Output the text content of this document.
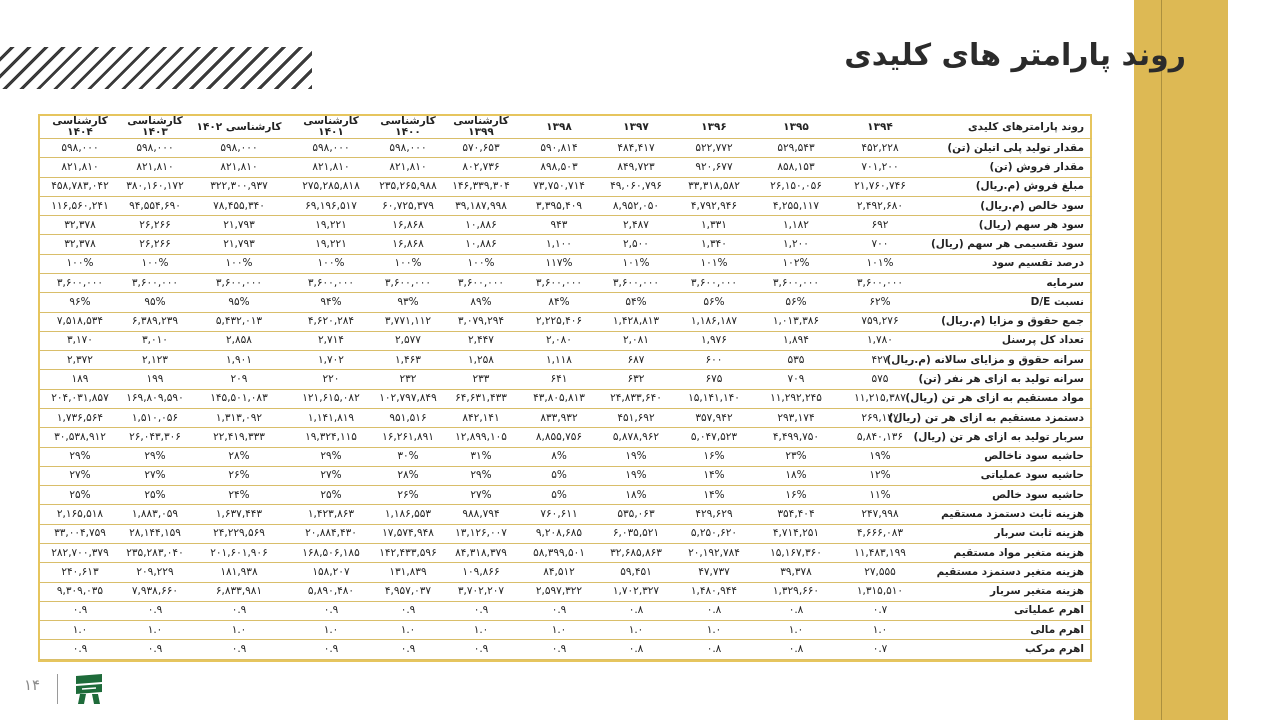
روند پارامتر های کلیدی
روند پارامترهای کلیدی	۱۳۹۴	۱۳۹۵	۱۳۹۶	۱۳۹۷	۱۳۹۸	کارشناسی ۱۳۹۹	کارشناسی ۱۴۰۰	کارشناسی ۱۴۰۱	کارشناسی ۱۴۰۲	کارشناسی ۱۴۰۳	کارشناسی ۱۴۰۴
مقدار تولید پلی اتیلن (تن)	۴۵۲,۲۲۸	۵۲۹,۵۴۳	۵۲۲,۷۷۲	۴۸۴,۴۱۷	۵۹۰,۸۱۴	۵۷۰,۶۵۳	۵۹۸,۰۰۰	۵۹۸,۰۰۰	۵۹۸,۰۰۰	۵۹۸,۰۰۰	۵۹۸,۰۰۰
مقدار فروش (تن)	۷۰۱,۲۰۰	۸۵۸,۱۵۳	۹۲۰,۶۷۷	۸۴۹,۷۲۳	۸۹۸,۵۰۳	۸۰۲,۷۳۶	۸۲۱,۸۱۰	۸۲۱,۸۱۰	۸۲۱,۸۱۰	۸۲۱,۸۱۰	۸۲۱,۸۱۰
مبلغ فروش (م.ریال)	۲۱,۷۶۰,۷۴۶	۲۶,۱۵۰,۰۵۶	۳۳,۳۱۸,۵۸۲	۴۹,۰۶۰,۷۹۶	۷۳,۷۵۰,۷۱۴	۱۴۶,۳۳۹,۳۰۴	۲۳۵,۲۶۵,۹۸۸	۲۷۵,۲۸۵,۸۱۸	۳۲۲,۳۰۰,۹۳۷	۳۸۰,۱۶۰,۱۷۲	۴۵۸,۷۸۳,۰۴۲
سود خالص (م.ریال)	۲,۴۹۲,۶۸۰	۴,۲۵۵,۱۱۷	۴,۷۹۲,۹۴۶	۸,۹۵۲,۰۵۰	۳,۳۹۵,۴۰۹	۳۹,۱۸۷,۹۹۸	۶۰,۷۲۵,۳۷۹	۶۹,۱۹۶,۵۱۷	۷۸,۴۵۵,۳۴۰	۹۴,۵۵۴,۶۹۰	۱۱۶,۵۶۰,۲۴۱
سود هر سهم (ریال)	۶۹۲	۱,۱۸۲	۱,۳۳۱	۲,۴۸۷	۹۴۳	۱۰,۸۸۶	۱۶,۸۶۸	۱۹,۲۲۱	۲۱,۷۹۳	۲۶,۲۶۶	۳۲,۳۷۸
سود تقسیمی هر سهم (ریال)	۷۰۰	۱,۲۰۰	۱,۳۴۰	۲,۵۰۰	۱,۱۰۰	۱۰,۸۸۶	۱۶,۸۶۸	۱۹,۲۲۱	۲۱,۷۹۳	۲۶,۲۶۶	۳۲,۳۷۸
درصد تقسیم سود	۱۰۱%	۱۰۲%	۱۰۱%	۱۰۱%	۱۱۷%	۱۰۰%	۱۰۰%	۱۰۰%	۱۰۰%	۱۰۰%	۱۰۰%
سرمایه	۳,۶۰۰,۰۰۰	۳,۶۰۰,۰۰۰	۳,۶۰۰,۰۰۰	۳,۶۰۰,۰۰۰	۳,۶۰۰,۰۰۰	۳,۶۰۰,۰۰۰	۳,۶۰۰,۰۰۰	۳,۶۰۰,۰۰۰	۳,۶۰۰,۰۰۰	۳,۶۰۰,۰۰۰	۳,۶۰۰,۰۰۰
نسبت D/E	۶۲%	۵۶%	۵۶%	۵۴%	۸۴%	۸۹%	۹۳%	۹۴%	۹۵%	۹۵%	۹۶%
جمع حقوق و مزایا (م.ریال)	۷۵۹,۲۷۶	۱,۰۱۳,۳۸۶	۱,۱۸۶,۱۸۷	۱,۴۲۸,۸۱۳	۲,۲۲۵,۴۰۶	۳,۰۷۹,۲۹۴	۳,۷۷۱,۱۱۲	۴,۶۲۰,۲۸۴	۵,۴۳۲,۰۱۳	۶,۳۸۹,۲۳۹	۷,۵۱۸,۵۳۴
تعداد کل پرسنل	۱,۷۸۰	۱,۸۹۴	۱,۹۷۶	۲,۰۸۱	۲,۰۸۰	۲,۴۴۷	۲,۵۷۷	۲,۷۱۴	۲,۸۵۸	۳,۰۱۰	۳,۱۷۰
سرانه حقوق و مزایای سالانه (م.ریال)	۴۲۷	۵۳۵	۶۰۰	۶۸۷	۱,۱۱۸	۱,۲۵۸	۱,۴۶۳	۱,۷۰۲	۱,۹۰۱	۲,۱۲۳	۲,۳۷۲
سرانه تولید به ازای هر نفر (تن)	۵۷۵	۷۰۹	۶۷۵	۶۳۲	۶۴۱	۲۳۳	۲۳۲	۲۲۰	۲۰۹	۱۹۹	۱۸۹
مواد مستقیم به ازای هر تن (ریال)	۱۱,۲۱۵,۳۸۷	۱۱,۲۹۲,۲۴۵	۱۵,۱۴۱,۱۴۰	۲۴,۸۳۳,۶۴۰	۴۳,۸۰۵,۸۱۳	۶۴,۶۳۱,۴۳۳	۱۰۲,۷۹۷,۸۴۹	۱۲۱,۶۱۵,۰۸۲	۱۴۵,۵۰۱,۰۸۳	۱۶۹,۸۰۹,۵۹۰	۲۰۴,۰۳۱,۸۵۷
دستمزد مستقیم به ازای هر تن (ریال)	۲۶۹,۱۲۷	۲۹۳,۱۷۴	۳۵۷,۹۴۲	۴۵۱,۶۹۲	۸۳۳,۹۳۲	۸۴۲,۱۴۱	۹۵۱,۵۱۶	۱,۱۴۱,۸۱۹	۱,۳۱۳,۰۹۲	۱,۵۱۰,۰۵۶	۱,۷۳۶,۵۶۴
سربار تولید به ازای هر تن (ریال)	۵,۸۴۰,۱۳۶	۴,۴۹۹,۷۵۰	۵,۰۴۷,۵۲۳	۵,۸۷۸,۹۶۲	۸,۸۵۵,۷۵۶	۱۲,۸۹۹,۱۰۵	۱۶,۲۶۱,۸۹۱	۱۹,۳۲۴,۱۱۵	۲۲,۴۱۹,۳۳۳	۲۶,۰۴۳,۳۰۶	۳۰,۵۳۸,۹۱۲
حاشیه سود ناخالص	۱۹%	۲۳%	۱۶%	۱۹%	۸%	۳۱%	۳۰%	۲۹%	۲۸%	۲۹%	۲۹%
حاشیه سود عملیاتی	۱۲%	۱۸%	۱۴%	۱۹%	۵%	۲۹%	۲۸%	۲۷%	۲۶%	۲۷%	۲۷%
حاشیه سود خالص	۱۱%	۱۶%	۱۴%	۱۸%	۵%	۲۷%	۲۶%	۲۵%	۲۴%	۲۵%	۲۵%
هزینه ثابت دستمزد مستقیم	۲۴۷,۹۹۸	۳۵۴,۴۰۴	۴۲۹,۶۲۹	۵۳۵,۰۶۳	۷۶۰,۶۱۱	۹۸۸,۷۹۴	۱,۱۸۶,۵۵۳	۱,۴۲۳,۸۶۳	۱,۶۳۷,۴۴۳	۱,۸۸۳,۰۵۹	۲,۱۶۵,۵۱۸
هزینه ثابت سربار	۴,۶۶۶,۰۸۳	۴,۷۱۴,۲۵۱	۵,۲۵۰,۶۲۰	۶,۰۳۵,۵۲۱	۹,۲۰۸,۶۸۵	۱۳,۱۲۶,۰۰۷	۱۷,۵۷۴,۹۴۸	۲۰,۸۸۴,۴۳۰	۲۴,۲۲۹,۵۶۹	۲۸,۱۴۴,۱۵۹	۳۳,۰۰۴,۷۵۹
هزینه متغیر مواد مستقیم	۱۱,۴۸۳,۱۹۹	۱۵,۱۶۷,۳۶۰	۲۰,۱۹۲,۷۸۴	۳۲,۶۸۵,۸۶۳	۵۸,۳۹۹,۵۰۱	۸۴,۳۱۸,۳۷۹	۱۴۲,۴۳۳,۵۹۶	۱۶۸,۵۰۶,۱۸۵	۲۰۱,۶۰۱,۹۰۶	۲۳۵,۲۸۳,۰۴۰	۲۸۲,۷۰۰,۳۷۹
هزینه متغیر دستمزد مستقیم	۲۷,۵۵۵	۳۹,۳۷۸	۴۷,۷۳۷	۵۹,۴۵۱	۸۴,۵۱۲	۱۰۹,۸۶۶	۱۳۱,۸۳۹	۱۵۸,۲۰۷	۱۸۱,۹۳۸	۲۰۹,۲۲۹	۲۴۰,۶۱۳
هزینه متغیر سربار	۱,۳۱۵,۵۱۰	۱,۳۲۹,۶۶۰	۱,۴۸۰,۹۴۴	۱,۷۰۲,۳۲۷	۲,۵۹۷,۳۲۲	۳,۷۰۲,۲۰۷	۴,۹۵۷,۰۳۷	۵,۸۹۰,۴۸۰	۶,۸۳۳,۹۸۱	۷,۹۳۸,۶۶۰	۹,۳۰۹,۰۳۵
اهرم عملیاتی	۰.۷	۰.۸	۰.۸	۰.۸	۰.۹	۰.۹	۰.۹	۰.۹	۰.۹	۰.۹	۰.۹
اهرم مالی	۱.۰	۱.۰	۱.۰	۱.۰	۱.۰	۱.۰	۱.۰	۱.۰	۱.۰	۱.۰	۱.۰
اهرم مرکب	۰.۷	۰.۸	۰.۸	۰.۸	۰.۹	۰.۹	۰.۹	۰.۹	۰.۹	۰.۹	۰.۹
۱۴
